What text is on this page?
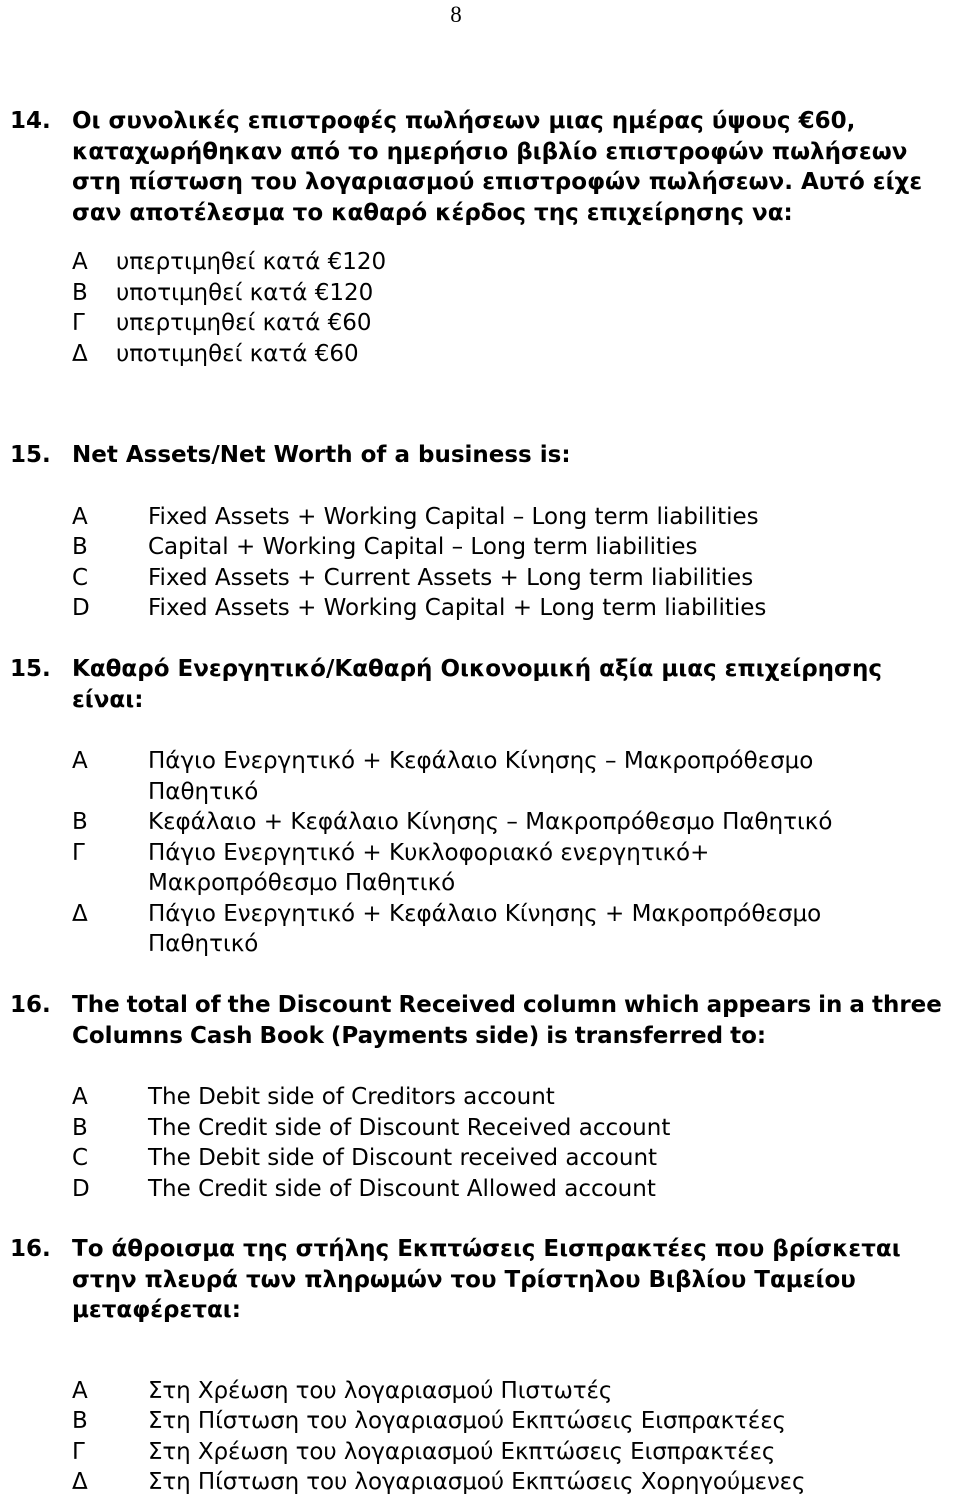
8
14. Οι συνολικές επιστροφές πωλήσεων μιας ημέρας ύψους €60, καταχωρήθηκαν από το ημερήσιο βιβλίο επιστροφών πωλήσεων στη πίστωση του λογαριασμού επιστροφών πωλήσεων. Αυτό είχε σαν αποτέλεσμα το καθαρό κέρδος της επιχείρησης να:
Α	υπερτιμηθεί κατά €120
Β	υποτιμηθεί κατά €120
Γ	υπερτιμηθεί κατά €60
Δ	υποτιμηθεί κατά €60
15. Net Assets/Net Worth of a business is:
A	Fixed Assets + Working Capital – Long term liabilities
B	Capital + Working Capital – Long term liabilities
C	Fixed Assets + Current Assets + Long term liabilities
D	Fixed Assets + Working Capital + Long term liabilities
15. Καθαρό Ενεργητικό/Καθαρή Οικονομική αξία μιας επιχείρησης είναι:
Α	Πάγιο Ενεργητικό + Κεφάλαιο Κίνησης – Μακροπρόθεσμο Παθητικό
Β	Κεφάλαιο + Κεφάλαιο Κίνησης – Μακροπρόθεσμο Παθητικό
Γ	Πάγιο Ενεργητικό + Κυκλοφοριακό ενεργητικό+ Μακροπρόθεσμο Παθητικό
Δ	Πάγιο Ενεργητικό + Κεφάλαιο Κίνησης + Μακροπρόθεσμο Παθητικό
16. The total of the Discount Received column which appears in a three  Columns Cash Book (Payments side) is transferred to:
A	The Debit side of Creditors account
B	The Credit side of Discount Received account
C	The Debit side of Discount received account
D	The Credit side of Discount Allowed account
16. Το άθροισμα της στήλης Εκπτώσεις Εισπρακτέες που βρίσκεται στην πλευρά των πληρωμών του Τρίστηλου Βιβλίου Ταμείου μεταφέρεται:
Α	Στη Χρέωση του λογαριασμού Πιστωτές
Β	Στη Πίστωση του λογαριασμού Εκπτώσεις Εισπρακτέες
Γ	Στη Χρέωση του λογαριασμού Εκπτώσεις Εισπρακτέες
Δ	Στη Πίστωση του λογαριασμού Εκπτώσεις Χορηγούμενες
